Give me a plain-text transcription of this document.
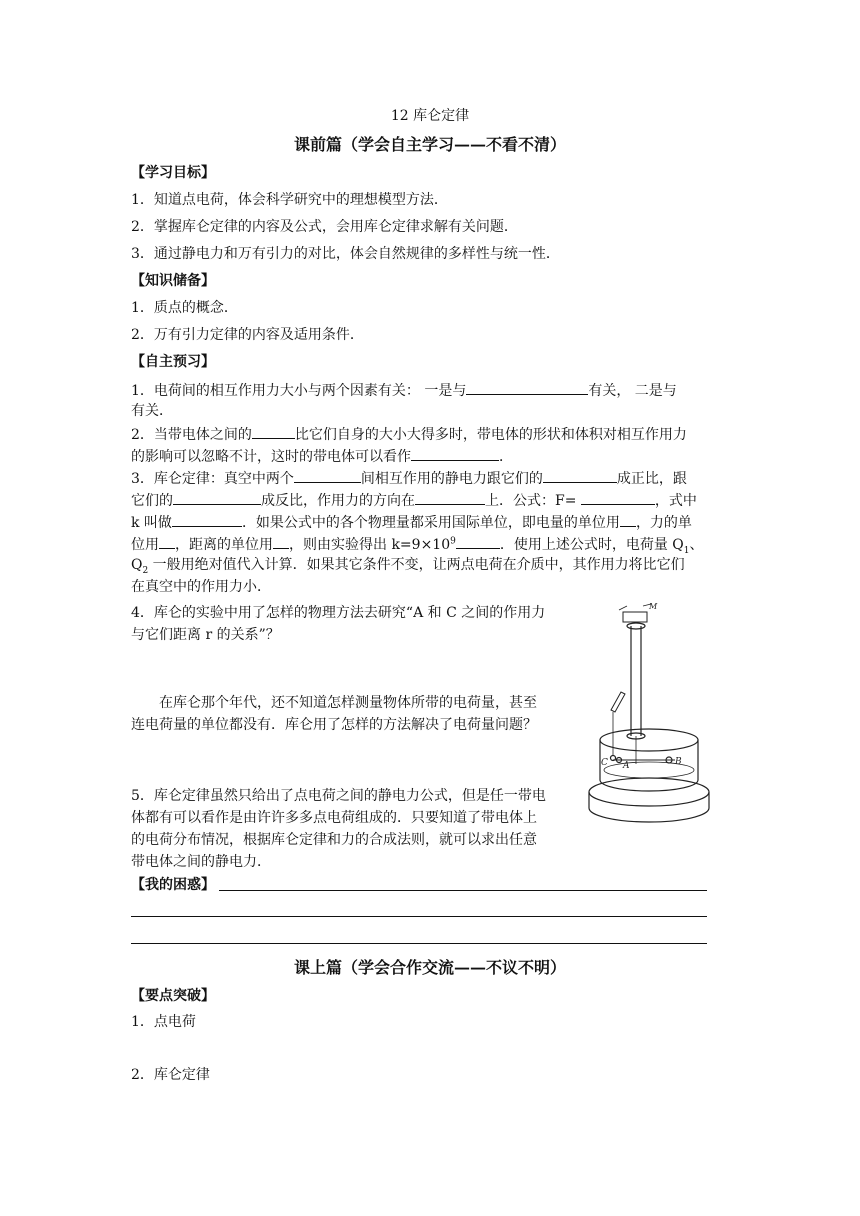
12 库仑定律
课前篇（学会自主学习——不看不清）
【学习目标】
1．知道点电荷，体会科学研究中的理想模型方法．
2．掌握库仑定律的内容及公式，会用库仑定律求解有关问题．
3．通过静电力和万有引力的对比，体会自然规律的多样性与统一性．
【知识储备】
1．质点的概念．
2．万有引力定律的内容及适用条件．
【自主预习】
1．电荷间的相互作用力大小与两个因素有关： 一是与	有关， 二是与
有关．
2．当带电体之间的	比它们自身的大小大得多时，带电体的形状和体积对相互作用力
的影响可以忽略不计，这时的带电体可以看作	．
3．库仑定律：真空中两个	间相互作用的静电力跟它们的	成正比，跟
它们的	成反比，作用力的方向在	上．公式：F=	，式中
k 叫做	．如果公式中的各个物理量都采用国际单位，即电量的单位用 ，力的单
位用 ，距离的单位用 ，则由实验得出 $k=9\times 10^9$	．使用上述公式时，电荷量 $Q_1$、
$Q_2$ 一般用绝对值代入计算．如果其它条件不变，让两点电荷在介质中，其作用力将比它们
在真空中的作用力小．
4．库仑的实验中用了怎样的物理方法去研究“A 和 C 之间的作用力
与它们距离 r 的关系”？
在库仑那个年代，还不知道怎样测量物体所带的电荷量，甚至
连电荷量的单位都没有．库仑用了怎样的方法解决了电荷量问题？
5．库仑定律虽然只给出了点电荷之间的静电力公式，但是任一带电
体都有可以看作是由许许多多点电荷组成的．只要知道了带电体上
的电荷分布情况，根据库仑定律和力的合成法则，就可以求出任意
带电体之间的静电力．
【我的困惑】
课上篇（学会合作交流——不议不明）
【要点突破】
1．点电荷
2．库仑定律
M
C A	B
